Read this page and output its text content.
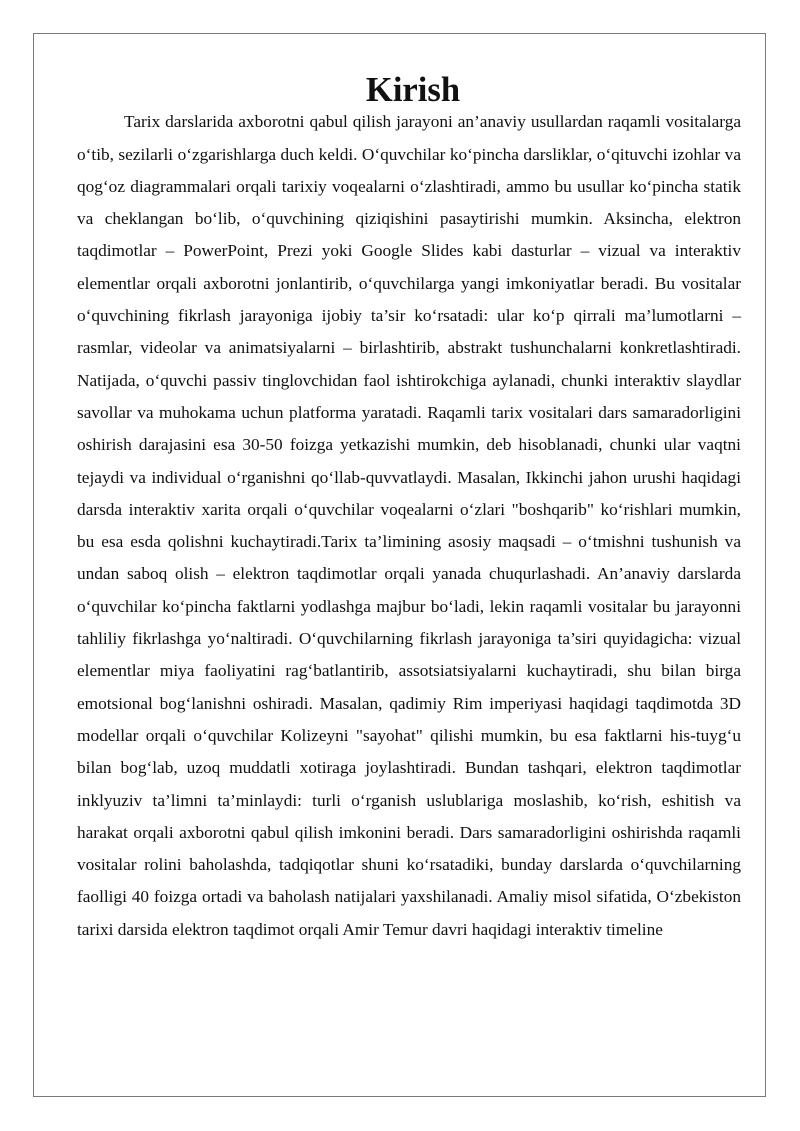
Kirish

Tarix darslarida axborotni qabul qilish jarayoni an’anaviy usullardan raqamli vositalarga o‘tib, sezilarli o‘zgarishlarga duch keldi. O‘quvchilar ko‘pincha darsliklar, o‘qituvchi izohlar va qog‘oz diagrammalari orqali tarixiy voqealarni o‘zlashtiradi, ammo bu usullar ko‘pincha statik va cheklangan bo‘lib, o‘quvchining qiziqishini pasaytirishi mumkin. Aksincha, elektron taqdimotlar – PowerPoint, Prezi yoki Google Slides kabi dasturlar – vizual va interaktiv elementlar orqali axborotni jonlantirib, o‘quvchilarga yangi imkoniyatlar beradi. Bu vositalar o‘quvchining fikrlash jarayoniga ijobiy ta’sir ko‘rsatadi: ular ko‘p qirrali ma’lumotlarni – rasmlar, videolar va animatsiyalarni – birlashtirib, abstrakt tushunchalarni konkretlashtiradi. Natijada, o‘quvchi passiv tinglovchidan faol ishtirokchiga aylanadi, chunki interaktiv slaydlar savollar va muhokama uchun platforma yaratadi. Raqamli tarix vositalari dars samaradorligini oshirish darajasini esa 30-50 foizga yetkazishi mumkin, deb hisoblanadi, chunki ular vaqtni tejaydi va individual o‘rganishni qo‘llab-quvvatlaydi. Masalan, Ikkinchi jahon urushi haqidagi darsda interaktiv xarita orqali o‘quvchilar voqealarni o‘zlari "boshqarib" ko‘rishlari mumkin, bu esa esda qolishni kuchaytiradi.Tarix ta’limining asosiy maqsadi – o‘tmishni tushunish va undan saboq olish – elektron taqdimotlar orqali yanada chuqurlashadi. An’anaviy darslarda o‘quvchilar ko‘pincha faktlarni yodlashga majbur bo‘ladi, lekin raqamli vositalar bu jarayonni tahliliy fikrlashga yo‘naltiradi. O‘quvchilarning fikrlash jarayoniga ta’siri quyidagicha: vizual elementlar miya faoliyatini rag‘batlantirib, assotsiatsiyalarni kuchaytiradi, shu bilan birga emotsional bog‘lanishni oshiradi. Masalan, qadimiy Rim imperiyasi haqidagi taqdimotda 3D modellar orqali o‘quvchilar Kolizeyni "sayohat" qilishi mumkin, bu esa faktlarni his-tuyg‘u bilan bog‘lab, uzoq muddatli xotiraga joylashtiradi. Bundan tashqari, elektron taqdimotlar inklyuziv ta’limni ta’minlaydi: turli o‘rganish uslublariga moslashib, ko‘rish, eshitish va harakat orqali axborotni qabul qilish imkonini beradi. Dars samaradorligini oshirishda raqamli vositalar rolini baholashda, tadqiqotlar shuni ko‘rsatadiki, bunday darslarda o‘quvchilarning faolligi 40 foizga ortadi va baholash natijalari yaxshilanadi. Amaliy misol sifatida, O‘zbekiston tarixi darsida elektron taqdimot orqali Amir Temur davri haqidagi interaktiv timeline
